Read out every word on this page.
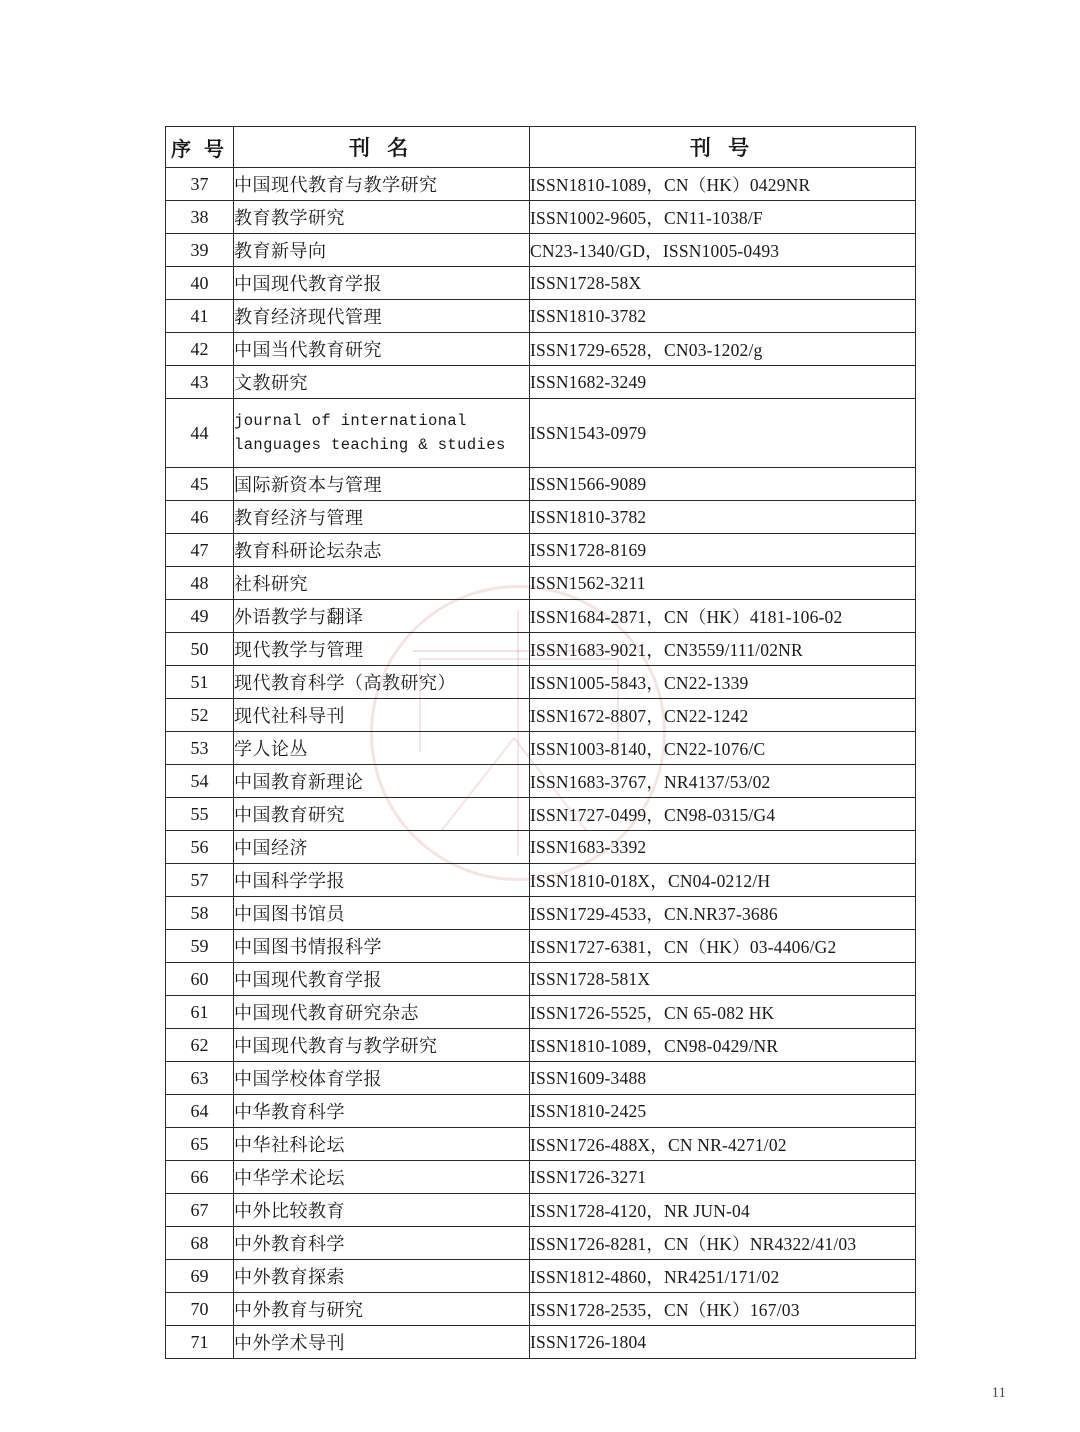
序 号	刊 名	刊 号
37	中国现代教育与教学研究	ISSN1810-1089，CN（HK）0429NR
38	教育教学研究	ISSN1002-9605，CN11-1038/F
39	教育新导向	CN23-1340/GD，ISSN1005-0493
40	中国现代教育学报	ISSN1728-58X
41	教育经济现代管理	ISSN1810-3782
42	中国当代教育研究	ISSN1729-6528，CN03-1202/g
43	文教研究	ISSN1682-3249
44	journal of international languages teaching & studies	ISSN1543-0979
45	国际新资本与管理	ISSN1566-9089
46	教育经济与管理	ISSN1810-3782
47	教育科研论坛杂志	ISSN1728-8169
48	社科研究	ISSN1562-3211
49	外语教学与翻译	ISSN1684-2871，CN（HK）4181-106-02
50	现代教学与管理	ISSN1683-9021，CN3559/111/02NR
51	现代教育科学（高教研究）	ISSN1005-5843，CN22-1339
52	现代社科导刊	ISSN1672-8807，CN22-1242
53	学人论丛	ISSN1003-8140，CN22-1076/C
54	中国教育新理论	ISSN1683-3767，NR4137/53/02
55	中国教育研究	ISSN1727-0499，CN98-0315/G4
56	中国经济	ISSN1683-3392
57	中国科学学报	ISSN1810-018X，CN04-0212/H
58	中国图书馆员	ISSN1729-4533，CN.NR37-3686
59	中国图书情报科学	ISSN1727-6381，CN（HK）03-4406/G2
60	中国现代教育学报	ISSN1728-581X
61	中国现代教育研究杂志	ISSN1726-5525，CN 65-082 HK
62	中国现代教育与教学研究	ISSN1810-1089，CN98-0429/NR
63	中国学校体育学报	ISSN1609-3488
64	中华教育科学	ISSN1810-2425
65	中华社科论坛	ISSN1726-488X，CN NR-4271/02
66	中华学术论坛	ISSN1726-3271
67	中外比较教育	ISSN1728-4120，NR JUN-04
68	中外教育科学	ISSN1726-8281，CN（HK）NR4322/41/03
69	中外教育探索	ISSN1812-4860，NR4251/171/02
70	中外教育与研究	ISSN1728-2535，CN（HK）167/03
71	中外学术导刊	ISSN1726-1804
11
